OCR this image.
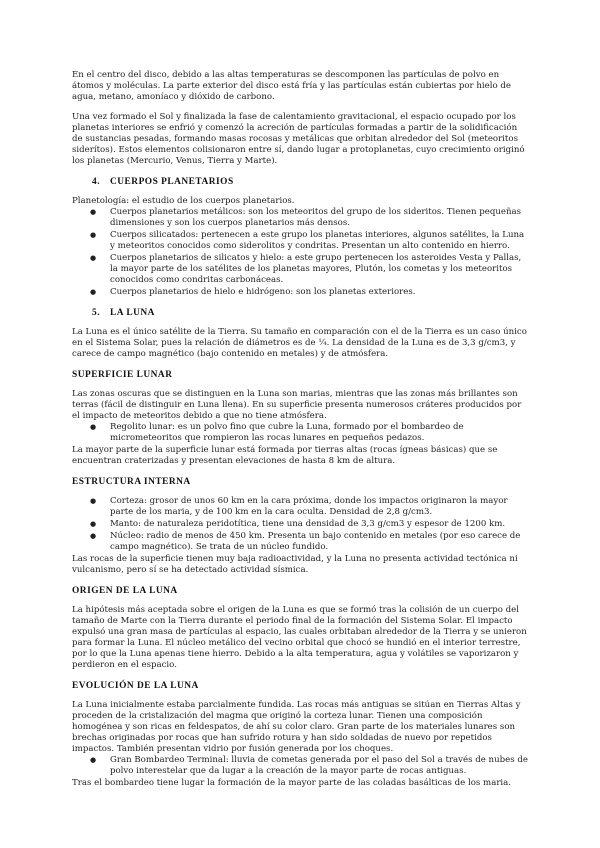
En el centro del disco, debido a las altas temperaturas se descomponen las partículas de polvo en átomos y moléculas. La parte exterior del disco está fría y las partículas están cubiertas por hielo de agua, metano, amoníaco y dióxido de carbono.

Una vez formado el Sol y finalizada la fase de calentamiento gravitacional, el espacio ocupado por los planetas interiores se enfrió y comenzó la acreción de partículas formadas a partir de la solidificación de sustancias pesadas, formando masas rocosas y metálicas que orbitan alrededor del Sol (meteoritos siderítos). Estos elementos colisionaron entre sí, dando lugar a protoplanetas, cuyo crecimiento originó los planetas (Mercurio, Venus, Tierra y Marte).

4. CUERPOS PLANETARIOS

Planetología: el estudio de los cuerpos planetarios.

● Cuerpos planetarios metálicos: son los meteoritos del grupo de los sideritos. Tienen pequeñas dimensiones y son los cuerpos planetarios más densos.
● Cuerpos silicatados: pertenecen a este grupo los planetas interiores, algunos satélites, la Luna y meteoritos conocidos como siderolitos y condritas. Presentan un alto contenido en hierro.
● Cuerpos planetarios de silicatos y hielo: a este grupo pertenecen los asteroides Vesta y Pallas, la mayor parte de los satélites de los planetas mayores, Plutón, los cometas y los meteoritos conocidos como condritas carbonáceas.
● Cuerpos planetarios de hielo e hidrógeno: son los planetas exteriores.
5. LA LUNA

La Luna es el único satélite de la Tierra. Su tamaño en comparación con el de la Tierra es un caso único en el Sistema Solar, pues la relación de diámetros es de ¼. La densidad de la Luna es de 3,3 g/cm3, y carece de campo magnético (bajo contenido en metales) y de atmósfera.

SUPERFICIE LUNAR

Las zonas oscuras que se distinguen en la Luna son marias, mientras que las zonas más brillantes son terras (fácil de distinguir en Luna llena). En su superficie presenta numerosos cráteres producidos por el impacto de meteoritos debido a que no tiene atmósfera.

● Regolito lunar: es un polvo fino que cubre la Luna, formado por el bombardeo de micrometeoritos que rompieron las rocas lunares en pequeños pedazos.

La mayor parte de la superficie lunar está formada por tierras altas (rocas ígneas básicas) que se encuentran craterizadas y presentan elevaciones de hasta 8 km de altura.

ESTRUCTURA INTERNA
● Corteza: grosor de unos 60 km en la cara próxima, donde los impactos originaron la mayor parte de los maria, y de 100 km en la cara oculta. Densidad de 2,8 g/cm3.
● Manto: de naturaleza peridotítica, tiene una densidad de 3,3 g/cm3 y espesor de 1200 km.
● Núcleo: radio de menos de 450 km. Presenta un bajo contenido en metales (por eso carece de campo magnético). Se trata de un núcleo fundido.

Las rocas de la superficie tienen muy baja radioactividad, y la Luna no presenta actividad tectónica ni vulcanismo, pero sí se ha detectado actividad sísmica.

ORIGEN DE LA LUNA

La hipótesis más aceptada sobre el origen de la Luna es que se formó tras la colisión de un cuerpo del tamaño de Marte con la Tierra durante el periodo final de la formación del Sistema Solar. El impacto expulsó una gran masa de partículas al espacio, las cuales orbitaban alrededor de la Tierra y se unieron para formar la Luna. El núcleo metálico del vecino orbital que chocó se hundió en el interior terrestre, por lo que la Luna apenas tiene hierro. Debido a la alta temperatura, agua y volátiles se vaporizaron y perdieron en el espacio.

EVOLUCIÓN DE LA LUNA

La Luna inicialmente estaba parcialmente fundida. Las rocas más antiguas se sitúan en Tierras Altas y proceden de la cristalización del magma que originó la corteza lunar. Tienen una composición homogénea y son ricas en feldespatos, de ahí su color claro. Gran parte de los materiales lunares son brechas originadas por rocas que han sufrido rotura y han sido soldadas de nuevo por repetidos impactos. También presentan vidrio por fusión generada por los choques.

● Gran Bombardeo Terminal: lluvia de cometas generada por el paso del Sol a través de nubes de polvo interestelar que da lugar a la creación de la mayor parte de rocas antiguas.

Tras el bombardeo tiene lugar la formación de la mayor parte de las coladas basálticas de los maria.
